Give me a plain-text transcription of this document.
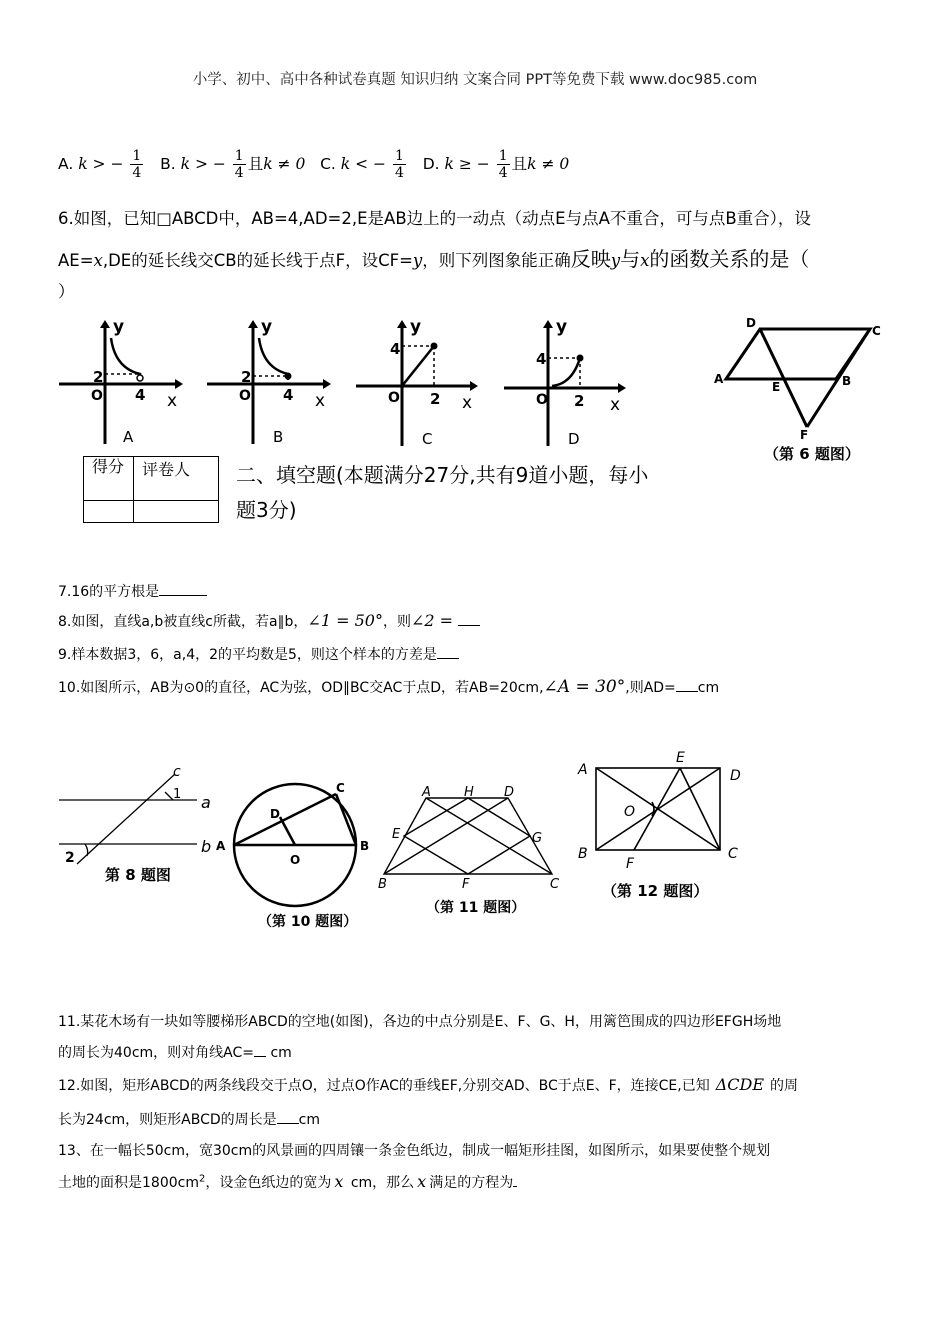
小学、初中、高中各种试卷真题 知识归纳 文案合同 PPT等免费下载 www.doc985.com
A. k > − $\frac{1}{4} B$. k > − $\frac{1}{4}$ 且k ≠ 0 C. k < − $\frac{1}{4} D$. k ≥ − $\frac{1}{4}$ 且k ≠ 0
6.如图，已知□ABCD中，AB=4,AD=2,E是AB边上的一动点（动点E与点A不重合，可与点B重合），设
AE=x,DE的延长线交CB的延长线于点F，设CF=y，则下列图象能正确反映y与x的函数关系的是（
）
y
x
O
2
4
A
y
x
O
2
4
B
y
x
O
4
2
C
y
x
O
4
2
D
D
C
A
E	B
F
（第 6 题图）
得分	评卷人
	二、填空题(本题满分27分,共有9道小题，每小
题3分)
7.16的平方根是
8.如图，直线a,b被直线c所截，若a∥b，∠1 = 50°，则∠2 =
9.样本数据3，6，a,4，2的平均数是5，则这个样本的方差是
10.如图所示，AB为⊙0的直径，AC为弦，OD∥BC交AC于点D，若AB=20cm,∠A = 30°,则AD= cm
c
a
b
1
2
第 8 题图
A	B
C
D
O
（第 10 题图）
A	H D
E	G
B	F	C
（第 11 题图）
A
E
D
O
B
F
C
（第 12 题图）
11.某花木场有一块如等腰梯形ABCD的空地(如图)，各边的中点分别是E、F、G、H，用篱笆围成的四边形EFGH场地
的周长为40cm，则对角线AC= cm
12.如图，矩形ABCD的两条线段交于点O，过点O作AC的垂线EF,分别交AD、BC于点E、F，连接CE,已知 ΔCDE 的周
长为24cm，则矩形ABCD的周长是 cm
13、在一幅长50cm，宽30cm的风景画的四周镶一条金色纸边，制成一幅矩形挂图，如图所示，如果要使整个规划
土地的面积是$1800cm^2$，设金色纸边的宽为 x cm，那么 x 满足的方程为
